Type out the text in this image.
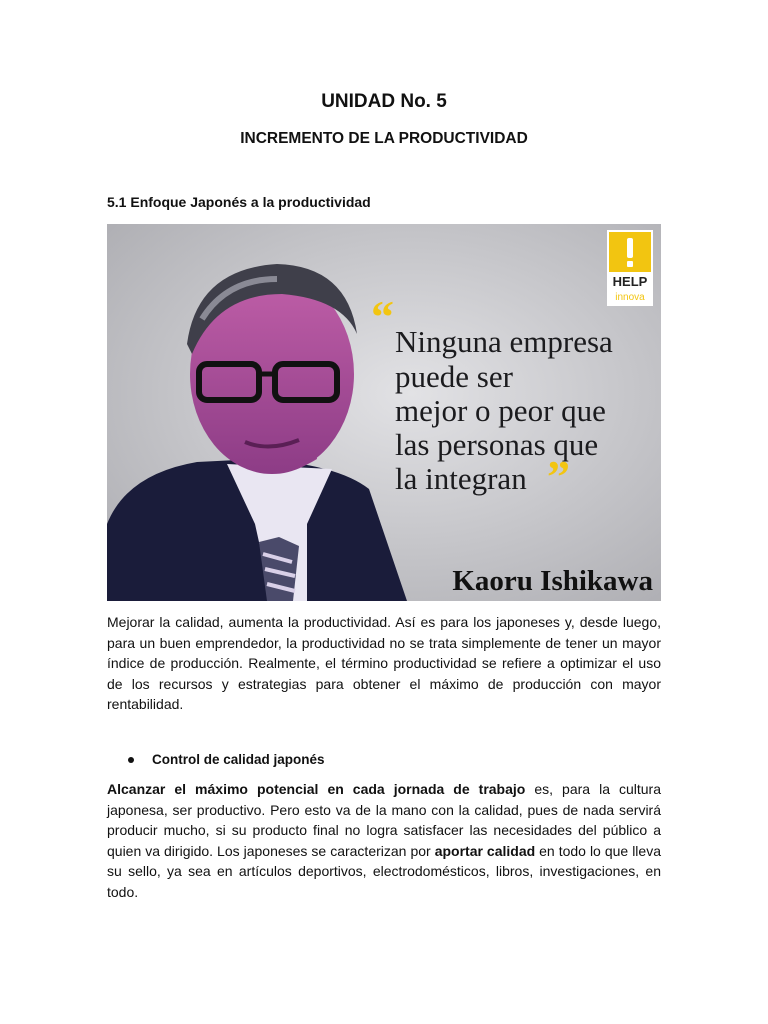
UNIDAD No. 5
INCREMENTO DE LA PRODUCTIVIDAD
5.1 Enfoque Japonés a la productividad
HELP
innova
“ Ninguna empresa
puede ser
mejor o peor que
las personas que
la integran ”
Kaoru Ishikawa

Mejorar la calidad, aumenta la productividad. Así es para los japoneses y, desde luego, para un buen emprendedor, la productividad no se trata simplemente de tener un mayor índice de producción. Realmente, el término productividad se refiere a optimizar el uso de los recursos y estrategias para obtener el máximo de producción con mayor rentabilidad.

Control de calidad japonés

Alcanzar el máximo potencial en cada jornada de trabajo es, para la cultura japonesa, ser productivo. Pero esto va de la mano con la calidad, pues de nada servirá producir mucho, si su producto final no logra satisfacer las necesidades del público a quien va dirigido. Los japoneses se caracterizan por aportar calidad en todo lo que lleva su sello, ya sea en artículos deportivos, electrodomésticos, libros, investigaciones, en todo.
